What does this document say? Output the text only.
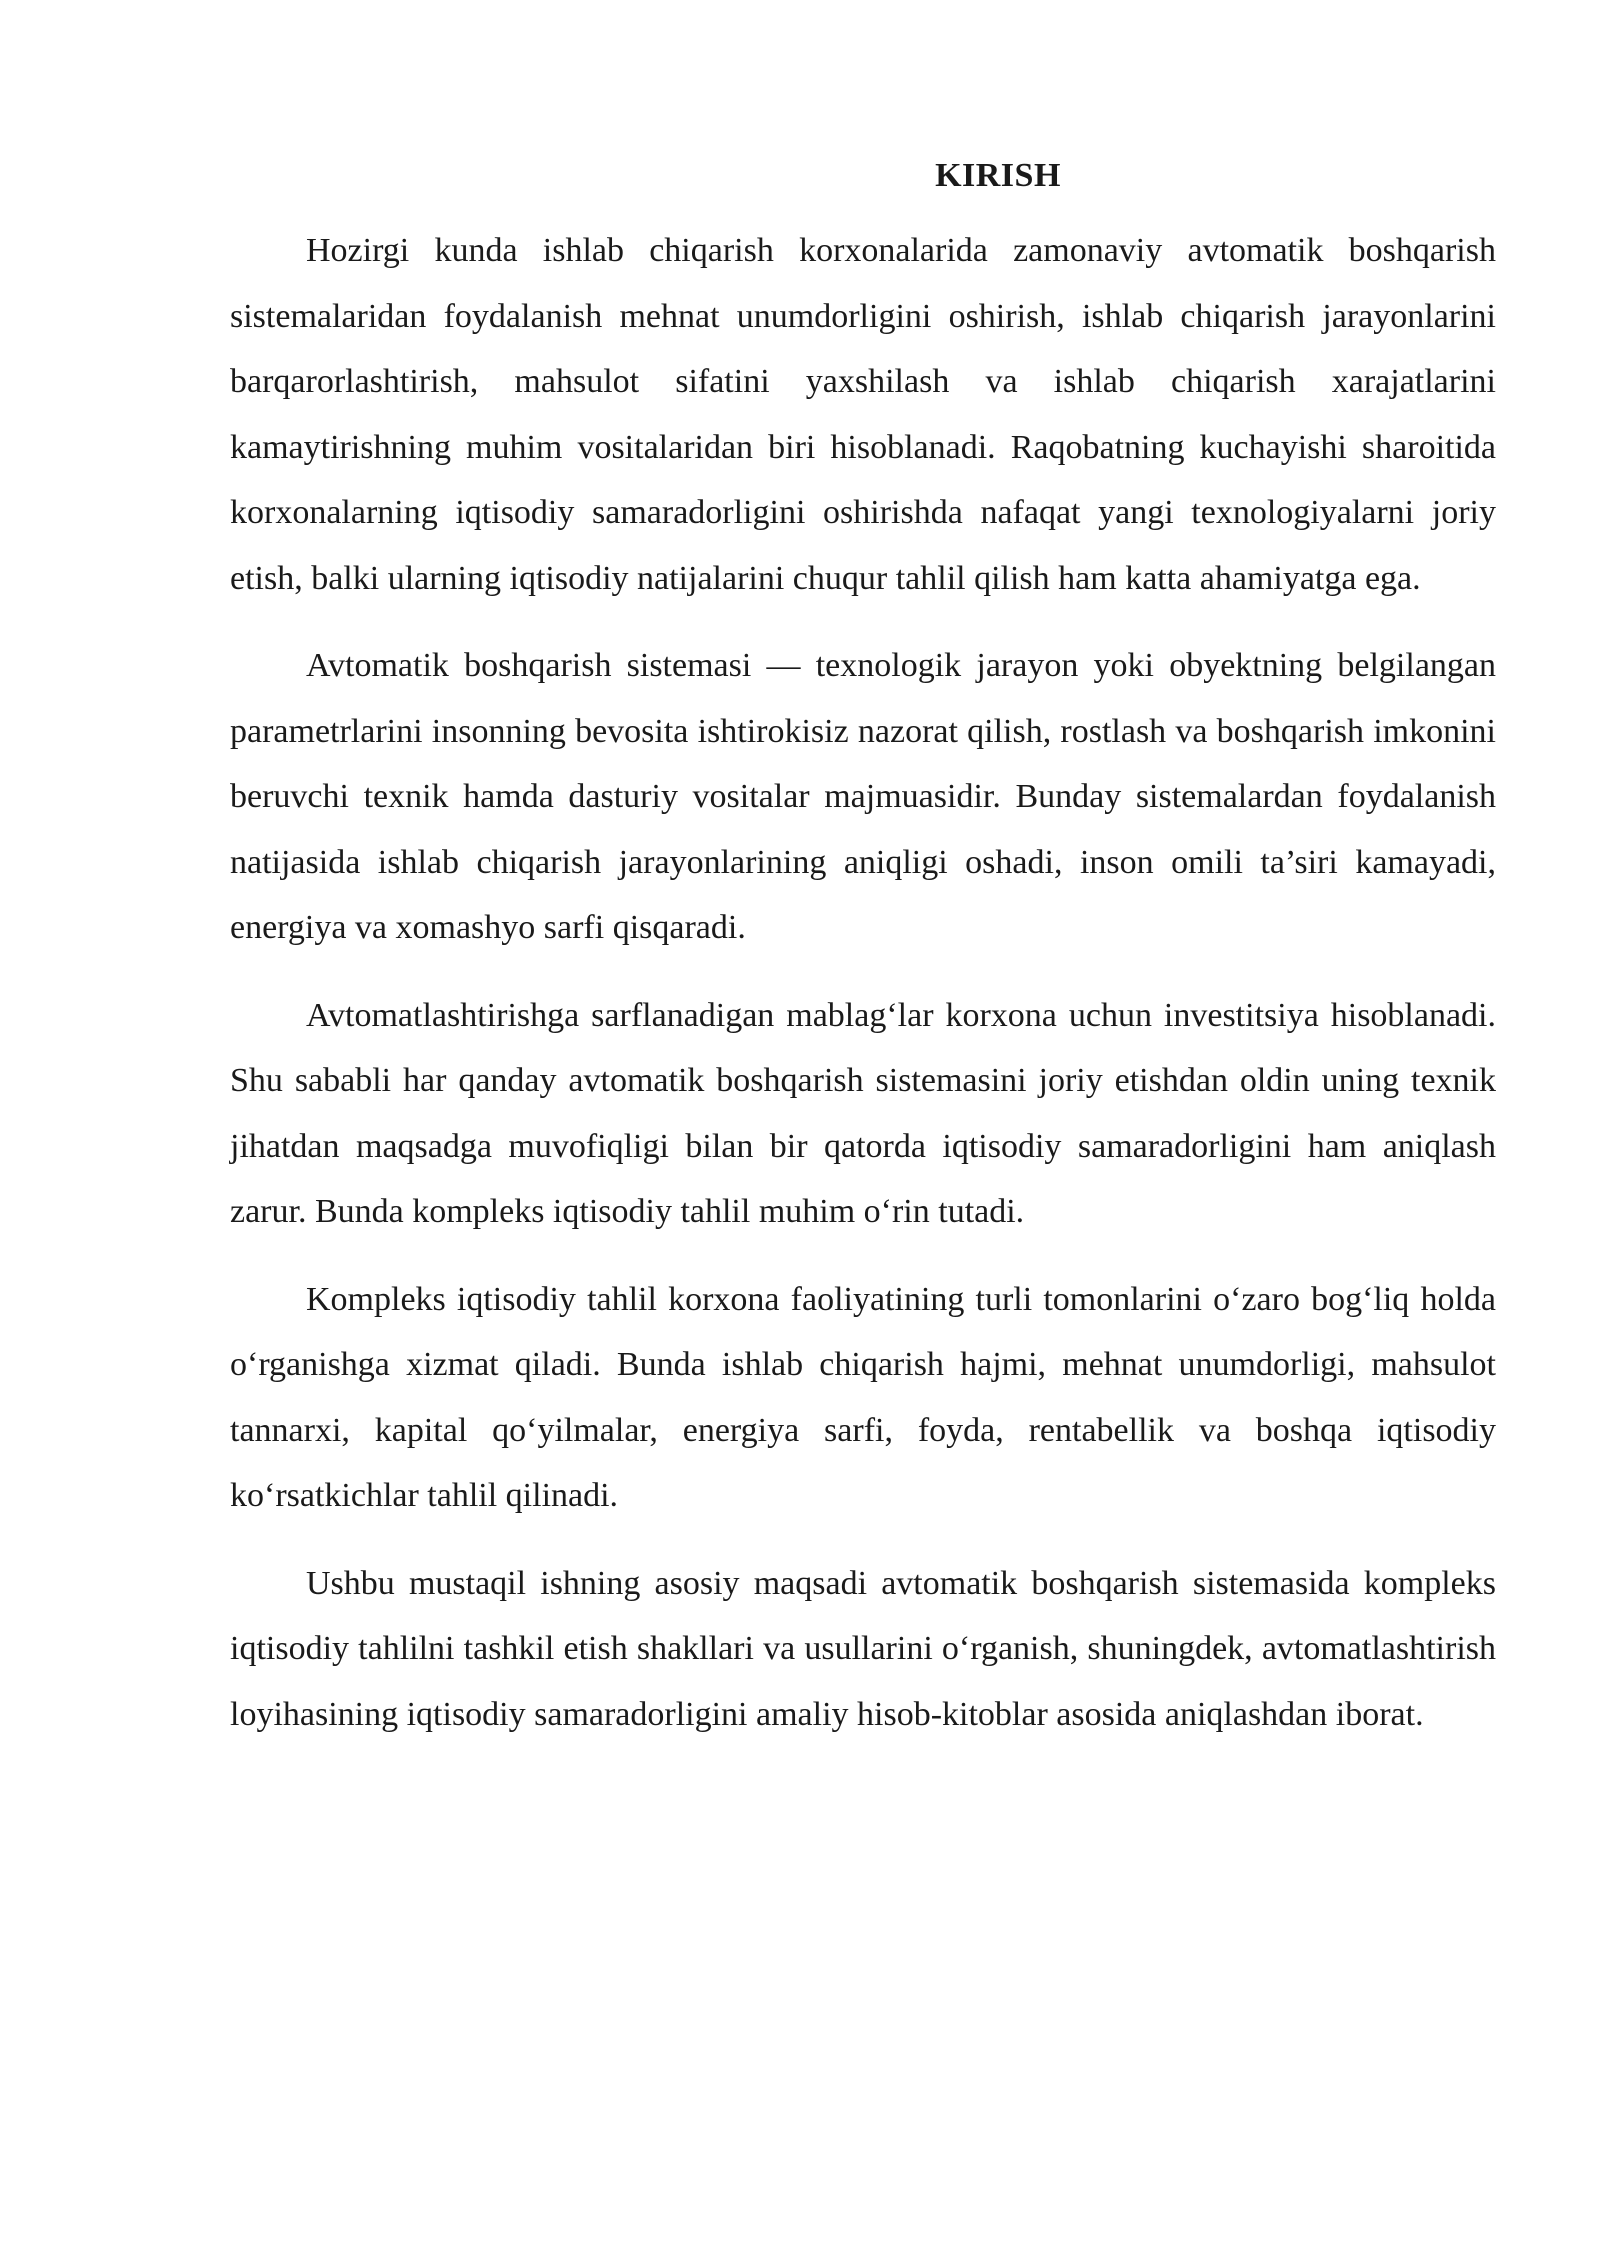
KIRISH

Hozirgi kunda ishlab chiqarish korxonalarida zamonaviy avtomatik boshqarish sistemalaridan foydalanish mehnat unumdorligini oshirish, ishlab chiqarish jarayonlarini barqarorlashtirish, mahsulot sifatini yaxshilash va ishlab chiqarish xarajatlarini kamaytirishning muhim vositalaridan biri hisoblanadi. Raqobatning kuchayishi sharoitida korxonalarning iqtisodiy samaradorligini oshirishda nafaqat yangi texnologiyalarni joriy etish, balki ularning iqtisodiy natijalarini chuqur tahlil qilish ham katta ahamiyatga ega.

Avtomatik boshqarish sistemasi — texnologik jarayon yoki obyektning belgilangan parametrlarini insonning bevosita ishtirokisiz nazorat qilish, rostlash va boshqarish imkonini beruvchi texnik hamda dasturiy vositalar majmuasidir. Bunday sistemalardan foydalanish natijasida ishlab chiqarish jarayonlarining aniqligi oshadi, inson omili ta’siri kamayadi, energiya va xomashyo sarfi qisqaradi.

Avtomatlashtirishga sarflanadigan mablag‘lar korxona uchun investitsiya hisoblanadi. Shu sababli har qanday avtomatik boshqarish sistemasini joriy etishdan oldin uning texnik jihatdan maqsadga muvofiqligi bilan bir qatorda iqtisodiy samaradorligini ham aniqlash zarur. Bunda kompleks iqtisodiy tahlil muhim o‘rin tutadi.

Kompleks iqtisodiy tahlil korxona faoliyatining turli tomonlarini o‘zaro bog‘liq holda o‘rganishga xizmat qiladi. Bunda ishlab chiqarish hajmi, mehnat unumdorligi, mahsulot tannarxi, kapital qo‘yilmalar, energiya sarfi, foyda, rentabellik va boshqa iqtisodiy ko‘rsatkichlar tahlil qilinadi.

Ushbu mustaqil ishning asosiy maqsadi avtomatik boshqarish sistemasida kompleks iqtisodiy tahlilni tashkil etish shakllari va usullarini o‘rganish, shuningdek, avtomatlashtirish loyihasining iqtisodiy samaradorligini amaliy hisob-kitoblar asosida aniqlashdan iborat.
